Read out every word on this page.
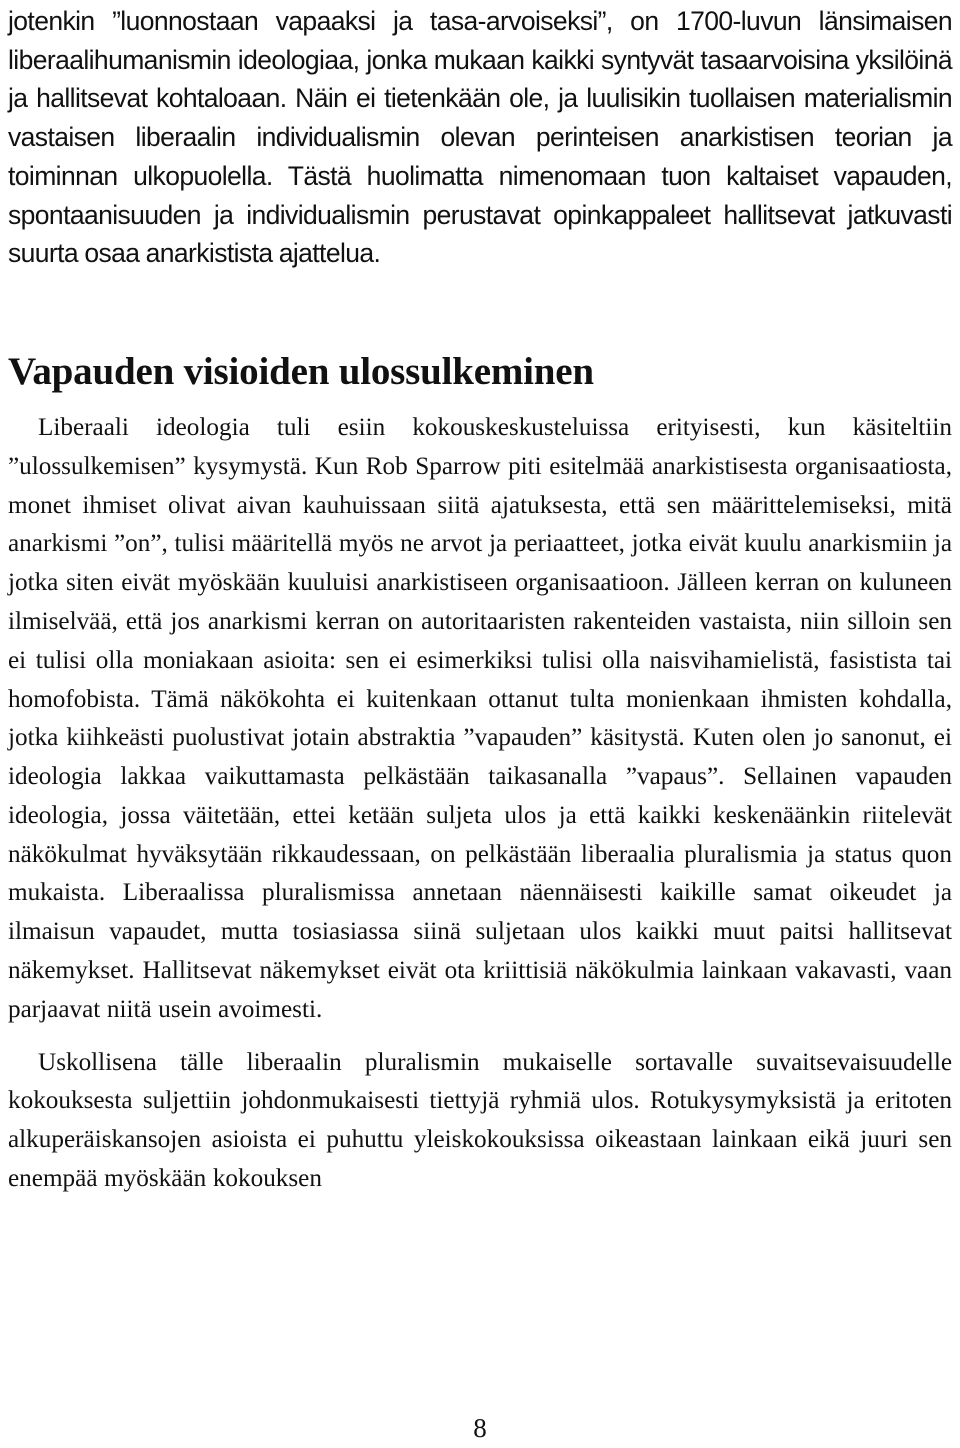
jotenkin ”luonnostaan vapaaksi ja tasa-arvoiseksi”, on 1700-luvun länsimaisen liberaalihumanismin ideologiaa, jonka mukaan kaikki syntyvät tasaarvoisina yksilöinä ja hallitsevat kohtaloaan. Näin ei tietenkään ole, ja luulisikin tuollaisen materialismin vastaisen liberaalin individualismin olevan perinteisen anarkistisen teorian ja toiminnan ulkopuolella. Tästä huolimatta nimenomaan tuon kaltaiset vapauden, spontaanisuuden ja individualismin perustavat opinkappaleet hallitsevat jatkuvasti suurta osaa anarkistista ajattelua.

Vapauden visioiden ulossulkeminen

Liberaali ideologia tuli esiin kokouskeskusteluissa erityisesti, kun käsiteltiin ”ulossulkemisen” kysymystä. Kun Rob Sparrow piti esitelmää anarkistisesta organisaatiosta, monet ihmiset olivat aivan kauhuissaan siitä ajatuksesta, että sen määrittelemiseksi, mitä anarkismi ”on”, tulisi määritellä myös ne arvot ja periaatteet, jotka eivät kuulu anarkismiin ja jotka siten eivät myöskään kuuluisi anarkistiseen organisaatioon. Jälleen kerran on kuluneen ilmiselvää, että jos anarkismi kerran on autoritaaristen rakenteiden vastaista, niin silloin sen ei tulisi olla moniakaan asioita: sen ei esimerkiksi tulisi olla naisvihamielistä, fasistista tai homofobista. Tämä näkökohta ei kuitenkaan ottanut tulta monienkaan ihmisten kohdalla, jotka kiihkeästi puolustivat jotain abstraktia ”vapauden” käsitystä. Kuten olen jo sanonut, ei ideologia lakkaa vaikuttamasta pelkästään taikasanalla ”vapaus”. Sellainen vapauden ideologia, jossa väitetään, ettei ketään suljeta ulos ja että kaikki keskenäänkin riitelevät näkökulmat hyväksytään rikkaudessaan, on pelkästään liberaalia pluralismia ja status quon mukaista. Liberaalissa pluralismissa annetaan näennäisesti kaikille samat oikeudet ja ilmaisun vapaudet, mutta tosiasiassa siinä suljetaan ulos kaikki muut paitsi hallitsevat näkemykset. Hallitsevat näkemykset eivät ota kriittisiä näkökulmia lainkaan vakavasti, vaan parjaavat niitä usein avoimesti.

Uskollisena tälle liberaalin pluralismin mukaiselle sortavalle suvaitsevaisuudelle kokouksesta suljettiin johdonmukaisesti tiettyjä ryhmiä ulos. Rotukysymyksistä ja eritoten alkuperäiskansojen asioista ei puhuttu yleiskokouksissa oikeastaan lainkaan eikä juuri sen enempää myöskään kokouksen

8
